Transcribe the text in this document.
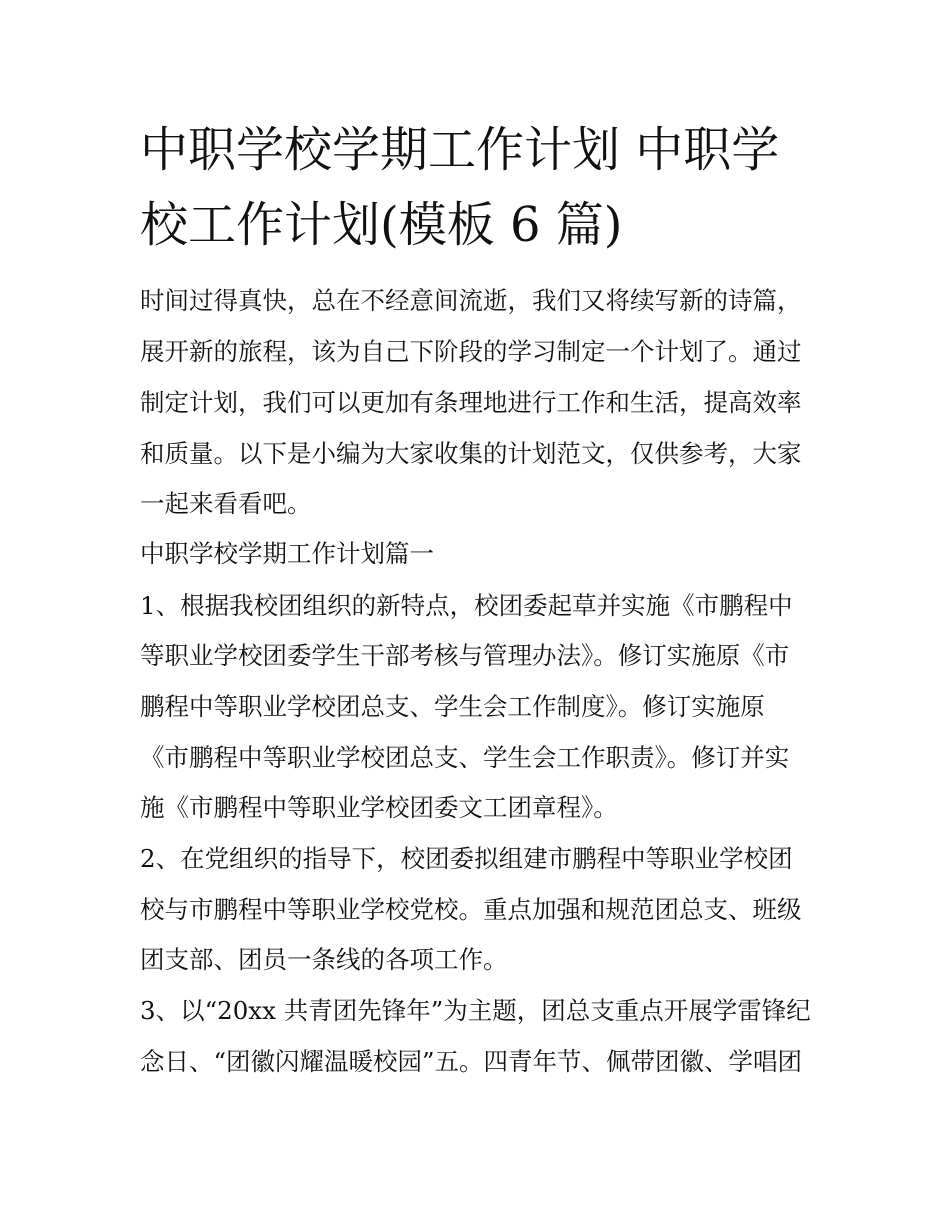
中职学校学期工作计划 中职学
校工作计划(模板 6 篇)

时间过得真快，总在不经意间流逝，我们又将续写新的诗篇，

展开新的旅程，该为自己下阶段的学习制定一个计划了。通过

制定计划，我们可以更加有条理地进行工作和生活，提高效率

和质量。以下是小编为大家收集的计划范文，仅供参考，大家

一起来看看吧。

中职学校学期工作计划篇一

1、根据我校团组织的新特点，校团委起草并实施《市鹏程中

等职业学校团委学生干部考核与管理办法》。修订实施原《市

鹏程中等职业学校团总支、学生会工作制度》。修订实施原

《市鹏程中等职业学校团总支、学生会工作职责》。修订并实

施《市鹏程中等职业学校团委文工团章程》。

2、在党组织的指导下，校团委拟组建市鹏程中等职业学校团

校与市鹏程中等职业学校党校。重点加强和规范团总支、班级

团支部、团员一条线的各项工作。

3、以“20xx 共青团先锋年”为主题，团总支重点开展学雷锋纪

念日、“团徽闪耀温暖校园”五。四青年节、佩带团徽、学唱团
